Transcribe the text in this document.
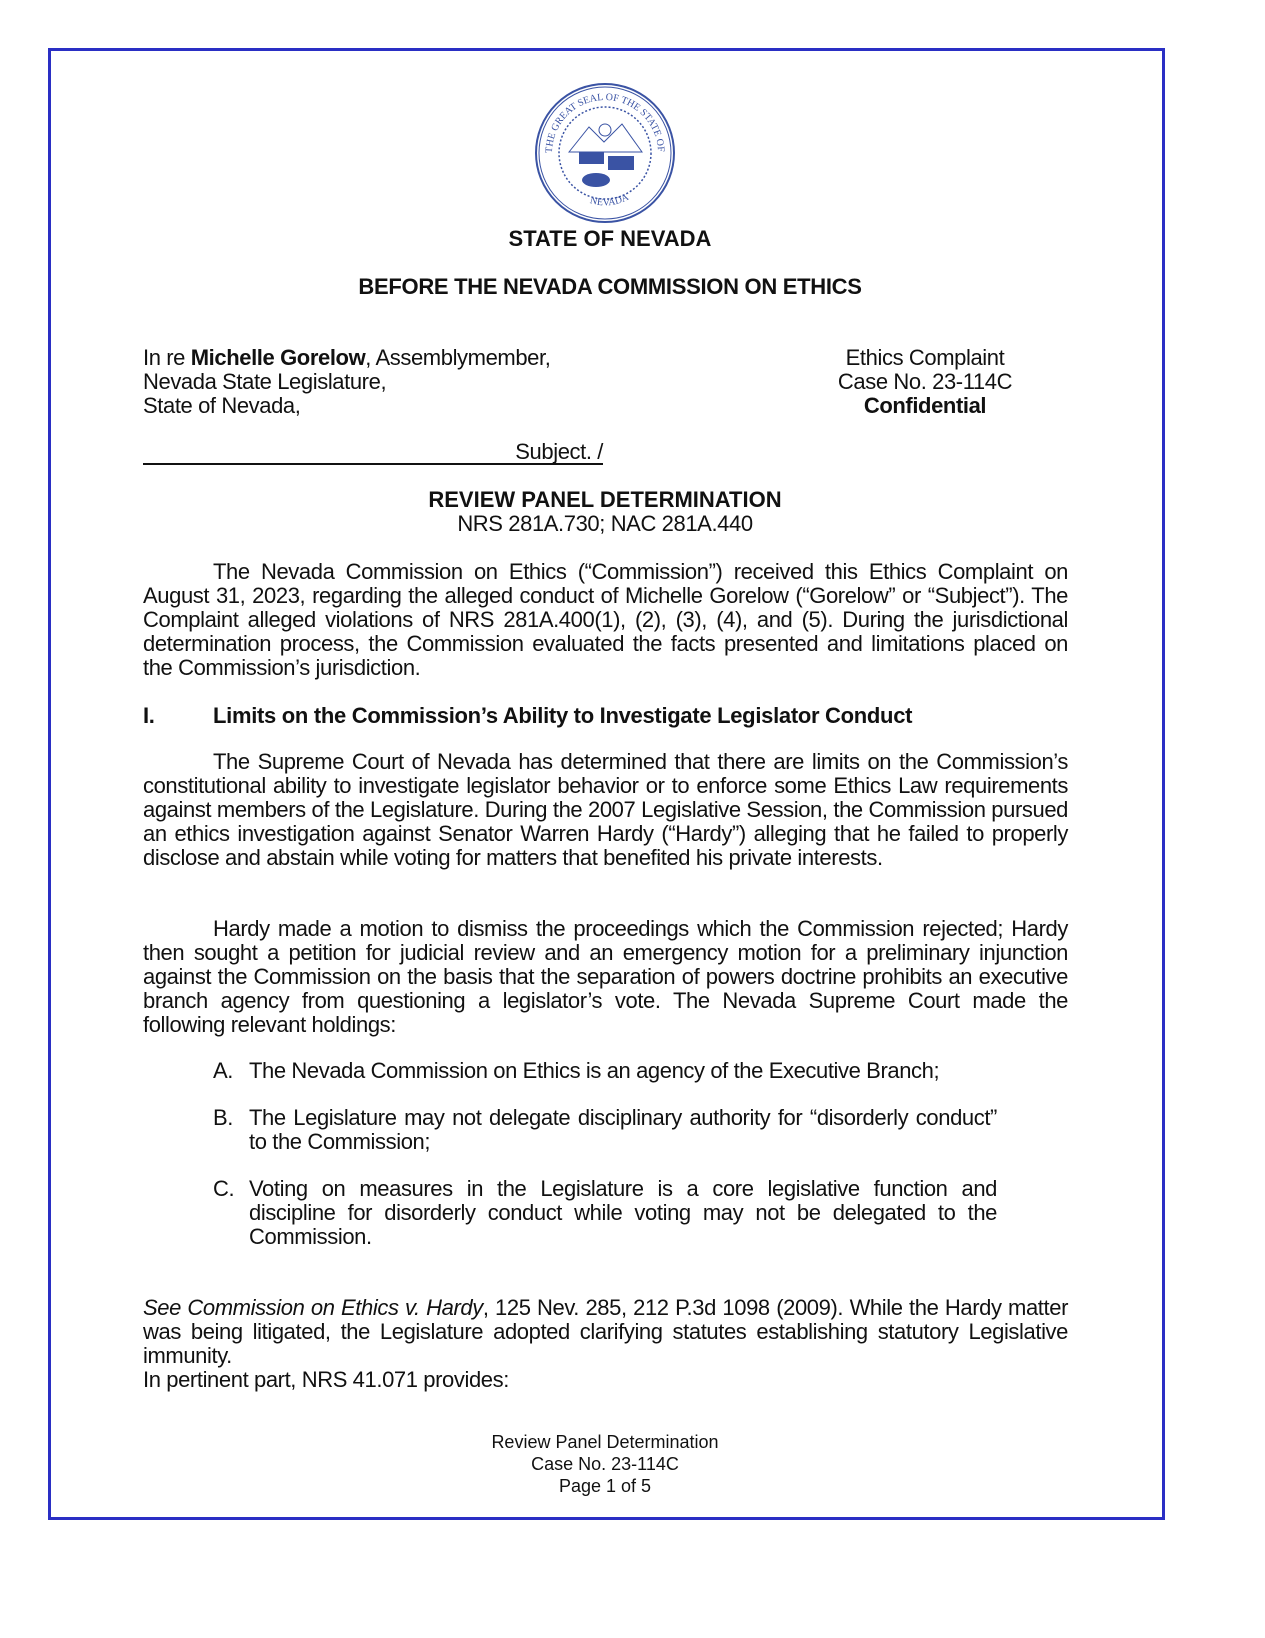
THE GREAT SEAL OF THE STATE OF
NEVADA
STATE OF NEVADA
BEFORE THE NEVADA COMMISSION ON ETHICS
In re Michelle Gorelow, Assemblymember,
Nevada State Legislature,
State of Nevada,
Ethics Complaint
Case No. 23-114C
Confidential
Subject. /
REVIEW PANEL DETERMINATION
NRS 281A.730; NAC 281A.440
The Nevada Commission on Ethics (“Commission”) received this Ethics Complaint on August 31, 2023, regarding the alleged conduct of Michelle Gorelow (“Gorelow” or “Subject”). The Complaint alleged violations of NRS 281A.400(1), (2), (3), (4), and (5). During the jurisdictional determination process, the Commission evaluated the facts presented and limitations placed on the Commission’s jurisdiction.
I.	Limits on the Commission’s Ability to Investigate Legislator Conduct
The Supreme Court of Nevada has determined that there are limits on the Commission’s constitutional ability to investigate legislator behavior or to enforce some Ethics Law requirements against members of the Legislature. During the 2007 Legislative Session, the Commission pursued an ethics investigation against Senator Warren Hardy (“Hardy”) alleging that he failed to properly disclose and abstain while voting for matters that benefited his private interests.
Hardy made a motion to dismiss the proceedings which the Commission rejected; Hardy then sought a petition for judicial review and an emergency motion for a preliminary injunction against the Commission on the basis that the separation of powers doctrine prohibits an executive branch agency from questioning a legislator’s vote. The Nevada Supreme Court made the following relevant holdings:
A. The Nevada Commission on Ethics is an agency of the Executive Branch;
B. The Legislature may not delegate disciplinary authority for “disorderly conduct” to the Commission;
C. Voting on measures in the Legislature is a core legislative function and discipline for disorderly conduct while voting may not be delegated to the Commission.
See Commission on Ethics v. Hardy, 125 Nev. 285, 212 P.3d 1098 (2009). While the Hardy matter was being litigated, the Legislature adopted clarifying statutes establishing statutory Legislative immunity.
In pertinent part, NRS 41.071 provides:
Review Panel Determination
Case No. 23-114C
Page 1 of 5
